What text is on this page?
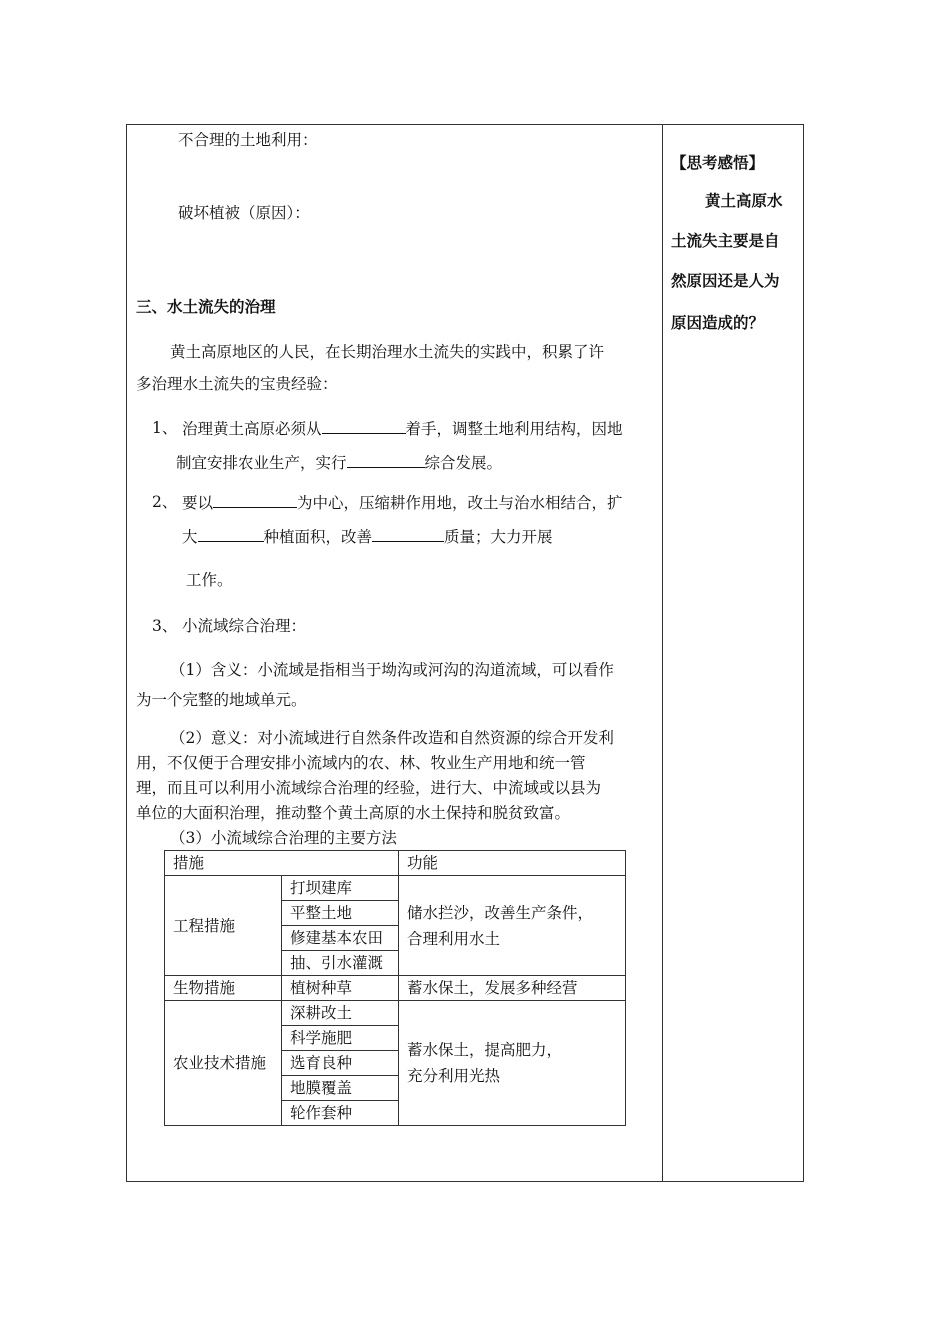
不合理的土地利用：
破坏植被（原因）：
三、水土流失的治理
黄土高原地区的人民，在长期治理水土流失的实践中，积累了许
多治理水土流失的宝贵经验：
1、 治理黄土高原必须从	着手，调整土地利用结构，因地
制宜安排农业生产，实行	综合发展。
2、 要以	为中心，压缩耕作用地，改土与治水相结合，扩
大	种植面积，改善	质量；大力开展
工作。
3、 小流域综合治理：
（1）含义：小流域是指相当于坳沟或河沟的沟道流域，可以看作
为一个完整的地域单元。
（2）意义：对小流域进行自然条件改造和自然资源的综合开发利
用，不仅便于合理安排小流域内的农、林、牧业生产用地和统一管
理，而且可以利用小流域综合治理的经验，进行大、中流域或以县为
单位的大面积治理，推动整个黄土高原的水土保持和脱贫致富。
（3）小流域综合治理的主要方法
措施		功能
工程措施	打坝建库	储水拦沙，改善生产条件，
合理利用水土
	平整土地	
	修建基本农田	
	抽、引水灌溉	
生物措施	植树种草	蓄水保土，发展多种经营
农业技术措施	深耕改土	蓄水保土，提高肥力，
充分利用光热
	科学施肥	
	选育良种	
	地膜覆盖	
	轮作套种	
【思考感悟】
黄土高原水
土流失主要是自
然原因还是人为
原因造成的？
